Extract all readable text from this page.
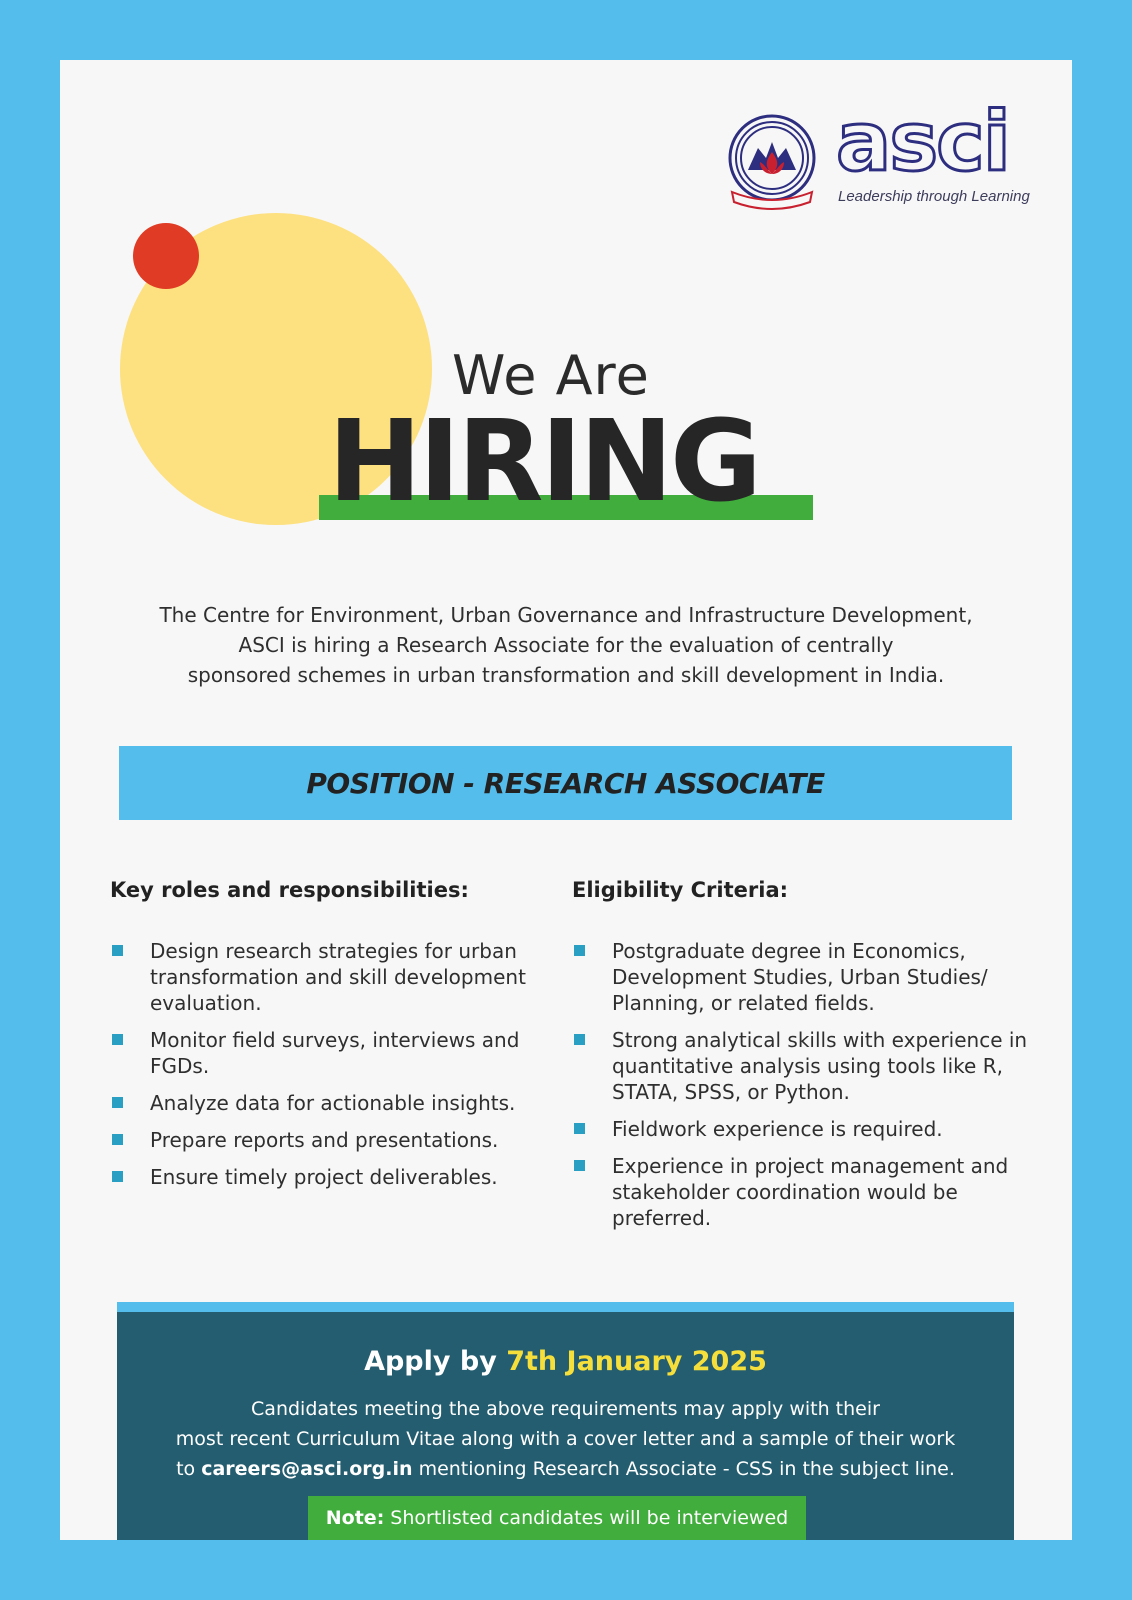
asci
Leadership through Learning
We Are
HIRING

The Centre for Environment, Urban Governance and Infrastructure Development,
ASCI is hiring a Research Associate for the evaluation of centrally
sponsored schemes in urban transformation and skill development in India.

POSITION - RESEARCH ASSOCIATE
Key roles and responsibilities:
Design research strategies for urban transformation and skill development evaluation.
Monitor field surveys, interviews and FGDs.
Analyze data for actionable insights.
Prepare reports and presentations.
Ensure timely project deliverables.
Eligibility Criteria:
Postgraduate degree in Economics, Development Studies, Urban Studies/ Planning, or related fields.
Strong analytical skills with experience in quantitative analysis using tools like R, STATA, SPSS, or Python.
Fieldwork experience is required.
Experience in project management and stakeholder coordination would be preferred.
Apply by 7th January 2025

Candidates meeting the above requirements may apply with their
most recent Curriculum Vitae along with a cover letter and a sample of their work
to careers@asci.org.in mentioning Research Associate - CSS in the subject line.

Note: Shortlisted candidates will be interviewed
